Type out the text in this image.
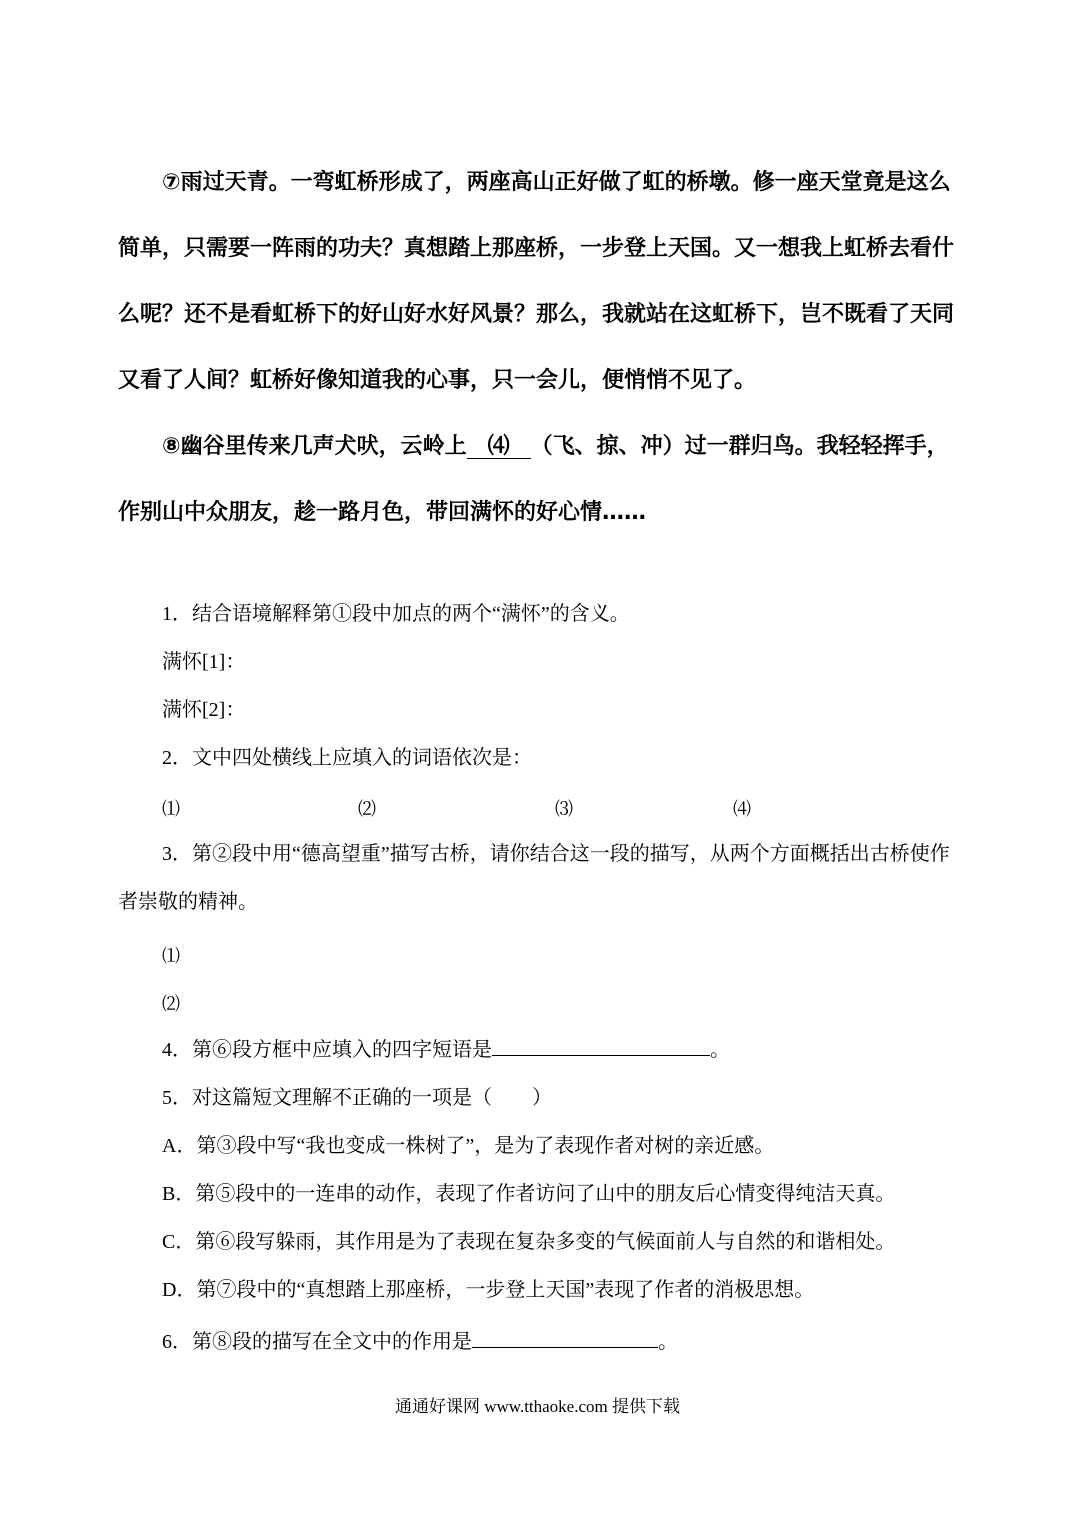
⑦雨过天青。一弯虹桥形成了，两座高山正好做了虹的桥墩。修一座天堂竟是这么简单，只需要一阵雨的功夫？真想踏上那座桥，一步登上天国。又一想我上虹桥去看什么呢？还不是看虹桥下的好山好水好风景？那么，我就站在这虹桥下，岂不既看了天同又看了人间？虹桥好像知道我的心事，只一会儿，便悄悄不见了。

⑧幽谷里传来几声犬吠，云岭上 ⑷ （飞、掠、冲）过一群归鸟。我轻轻挥手，作别山中众朋友，趁一路月色，带回满怀的好心情……

1．结合语境解释第①段中加点的两个“满怀”的含义。
满怀[1]：
满怀[2]：
2．文中四处横线上应填入的词语依次是：
⑴	⑵	⑶	⑷
3．第②段中用“德高望重”描写古桥，请你结合这一段的描写，从两个方面概括出古桥使作者崇敬的精神。
⑴
⑵
4．第⑥段方框中应填入的四字短语是	。
5．对这篇短文理解不正确的一项是（　　）
A．第③段中写“我也变成一株树了”，是为了表现作者对树的亲近感。
B．第⑤段中的一连串的动作，表现了作者访问了山中的朋友后心情变得纯洁天真。
C．第⑥段写躲雨，其作用是为了表现在复杂多变的气候面前人与自然的和谐相处。
D．第⑦段中的“真想踏上那座桥，一步登上天国”表现了作者的消极思想。
6．第⑧段的描写在全文中的作用是	。
通通好课网 www.tthaoke.com 提供下载
